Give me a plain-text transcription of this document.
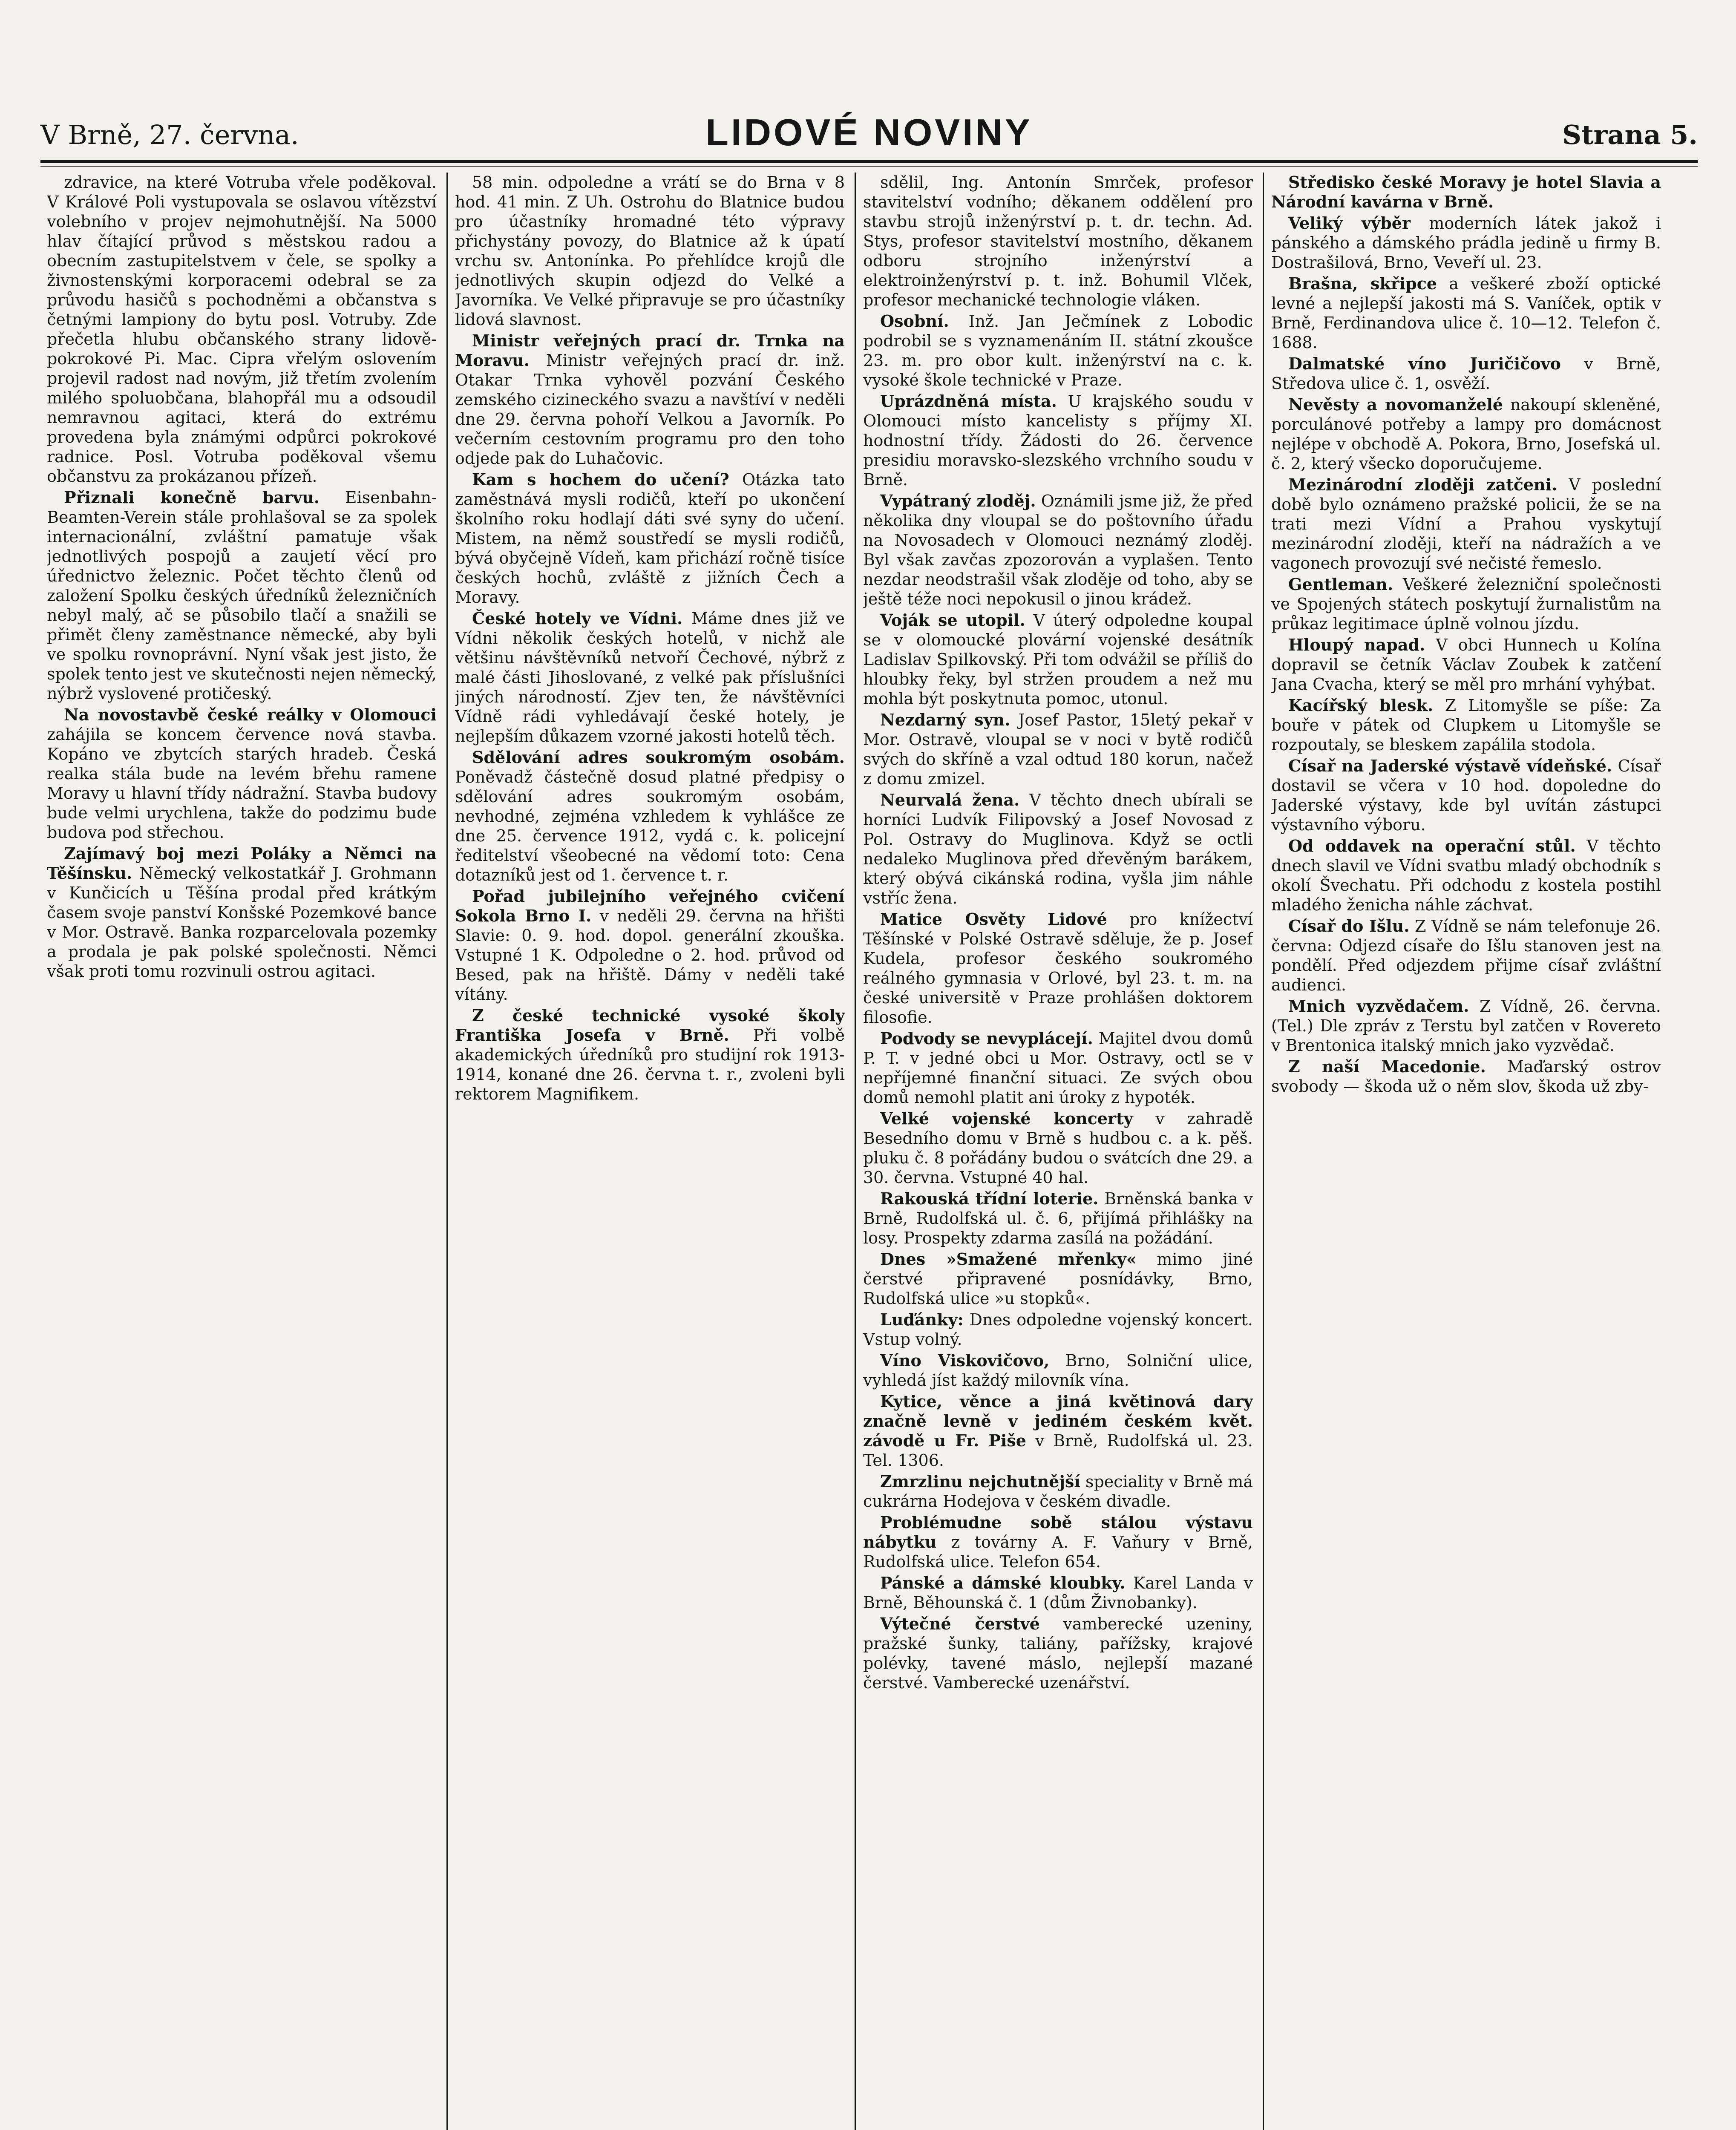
V Brně, 27. června.	LIDOVÉ NOVINY	Strana 5.

zdravice, na které Votruba vřele poděkoval. V Králové Poli vystupovala se oslavou vítězství volebního v projev nejmohutnější. Na 5000 hlav čítající průvod s městskou radou a obecním zastupitelstvem v čele, se spolky a živnostenskými korporacemi odebral se za průvodu hasičů s pochodněmi a občanstva s četnými lampiony do bytu posl. Votruby. Zde přečetla hlubu občanského strany lidově-pokrokové Pi. Mac. Cipra vřelým oslovením projevil radost nad novým, již třetím zvolením milého spoluobčana, blahopřál mu a odsoudil nemravnou agitaci, která do extrému provedena byla známými odpůrci pokrokové radnice. Posl. Votruba poděkoval všemu občanstvu za prokázanou přízeň.

Přiznali konečně barvu. Eisenbahn-Beamten-Verein stále prohlašoval se za spolek internacionální, zvláštní pamatuje však jednotlivých pospojů a zaujetí věcí pro úřednictvo železnic. Počet těchto členů od založení Spolku českých úředníků železničních nebyl malý, ač se působilo tlačí a snažili se přimět členy zaměstnance německé, aby byli ve spolku rovnoprávní. Nyní však jest jisto, že spolek tento jest ve skutečnosti nejen německý, nýbrž vyslovené protičeský.

Na novostavbě české reálky v Olomouci zahájila se koncem července nová stavba. Kopáno ve zbytcích starých hradeb. Česká realka stála bude na levém břehu ramene Moravy u hlavní třídy nádražní. Stavba budovy bude velmi urychlena, takže do podzimu bude budova pod střechou.

Zajímavý boj mezi Poláky a Němci na Těšínsku. Německý velkostatkář J. Grohmann v Kunčicích u Těšína prodal před krátkým časem svoje panství Konšské Pozemkové bance v Mor. Ostravě. Banka rozparcelovala pozemky a prodala je pak polské společnosti. Němci však proti tomu rozvinuli ostrou agitaci.

58 min. odpoledne a vrátí se do Brna v 8 hod. 41 min. Z Uh. Ostrohu do Blatnice budou pro účastníky hromadné této výpravy přichystány povozy, do Blatnice až k úpatí vrchu sv. Antonínka. Po přehlídce krojů dle jednotlivých skupin odjezd do Velké a Javorníka. Ve Velké připravuje se pro účastníky lidová slavnost.

Ministr veřejných prací dr. Trnka na Moravu. Ministr veřejných prací dr. inž. Otakar Trnka vyhověl pozvání Českého zemského cizineckého svazu a navštíví v neděli dne 29. června pohoří Velkou a Javorník. Po večerním cestovním programu pro den toho odjede pak do Luhačovic.

Kam s hochem do učení? Otázka tato zaměstnává mysli rodičů, kteří po ukončení školního roku hodlají dáti své syny do učení. Mistem, na němž soustředí se mysli rodičů, bývá obyčejně Vídeň, kam přichází ročně tisíce českých hochů, zvláště z jižních Čech a Moravy.

České hotely ve Vídni. Máme dnes již ve Vídni několik českých hotelů, v nichž ale většinu návštěvníků netvoří Čechové, nýbrž z malé části Jihoslované, z velké pak příslušníci jiných národností. Zjev ten, že návštěvníci Vídně rádi vyhledávají české hotely, je nejlepším důkazem vzorné jakosti hotelů těch.

Sdělování adres soukromým osobám. Poněvadž částečně dosud platné předpisy o sdělování adres soukromým osobám, nevhodné, zejména vzhledem k vyhlášce ze dne 25. července 1912, vydá c. k. policejní ředitelství všeobecné na vědomí toto: Cena dotazníků jest od 1. července t. r.

Pořad jubilejního veřejného cvičení Sokola Brno I. v neděli 29. června na hřišti Slavie: 0. 9. hod. dopol. generální zkouška. Vstupné 1 K. Odpoledne o 2. hod. průvod od Besed, pak na hřiště. Dámy v neděli také vítány.

Z české technické vysoké školy Františka Josefa v Brně. Při volbě akademických úředníků pro studijní rok 1913-1914, konané dne 26. června t. r., zvoleni byli rektorem Magnifikem.

sdělil, Ing. Antonín Smrček, profesor stavitelství vodního; děkanem oddělení pro stavbu strojů inženýrství p. t. dr. techn. Ad. Stys, profesor stavitelství mostního, děkanem odboru strojního inženýrství a elektroinženýrství p. t. inž. Bohumil Vlček, profesor mechanické technologie vláken.

Osobní. Inž. Jan Ječmínek z Lobodic podrobil se s vyznamenáním II. státní zkoušce 23. m. pro obor kult. inženýrství na c. k. vysoké škole technické v Praze.

Uprázdněná místa. U krajského soudu v Olomouci místo kancelisty s příjmy XI. hodnostní třídy. Žádosti do 26. července presidiu moravsko-slezského vrchního soudu v Brně.

Vypátraný zloděj. Oznámili jsme již, že před několika dny vloupal se do poštovního úřadu na Novosadech v Olomouci neznámý zloděj. Byl však zavčas zpozorován a vyplašen. Tento nezdar neodstrašil však zloděje od toho, aby se ještě téže noci nepokusil o jinou krádež.

Voják se utopil. V úterý odpoledne koupal se v olomoucké plovární vojenské desátník Ladislav Spilkovský. Při tom odvážil se příliš do hloubky řeky, byl stržen proudem a než mu mohla být poskytnuta pomoc, utonul.

Nezdarný syn. Josef Pastor, 15letý pekař v Mor. Ostravě, vloupal se v noci v bytě rodičů svých do skříně a vzal odtud 180 korun, načež z domu zmizel.

Neurvalá žena. V těchto dnech ubírali se horníci Ludvík Filipovský a Josef Novosad z Pol. Ostravy do Muglinova. Když se octli nedaleko Muglinova před dřevěným barákem, který obývá cikánská rodina, vyšla jim náhle vstříc žena.

Matice Osvěty Lidové pro knížectví Těšínské v Polské Ostravě sděluje, že p. Josef Kudela, profesor českého soukromého reálného gymnasia v Orlové, byl 23. t. m. na české universitě v Praze prohlášen doktorem filosofie.

Podvody se nevyplácejí. Majitel dvou domů P. T. v jedné obci u Mor. Ostravy, octl se v nepříjemné finanční situaci. Ze svých obou domů nemohl platit ani úroky z hypoték.

Velké vojenské koncerty v zahradě Besedního domu v Brně s hudbou c. a k. pěš. pluku č. 8 pořádány budou o svátcích dne 29. a 30. června. Vstupné 40 hal.

Rakouská třídní loterie. Brněnská banka v Brně, Rudolfská ul. č. 6, přijímá přihlášky na losy. Prospekty zdarma zasílá na požádání.

Dnes »Smažené mřenky« mimo jiné čerstvé připravené posnídávky, Brno, Rudolfská ulice »u stopků«.

Luďánky: Dnes odpoledne vojenský koncert. Vstup volný.

Víno Viskovičovo, Brno, Solniční ulice, vyhledá jíst každý milovník vína.

Kytice, věnce a jiná květinová dary značně levně v jediném českém květ. závodě u Fr. Piše v Brně, Rudolfská ul. 23. Tel. 1306.

Zmrzlinu nejchutnější speciality v Brně má cukrárna Hodejova v českém divadle.

Problémudne sobě stálou výstavu nábytku z továrny A. F. Vaňury v Brně, Rudolfská ulice. Telefon 654.

Pánské a dámské kloubky. Karel Landa v Brně, Běhounská č. 1 (dům Živnobanky).

Výtečné čerstvé vamberecké uzeniny, pražské šunky, taliány, pařížsky, krajové polévky, tavené máslo, nejlepší mazané čerstvé. Vamberecké uzenářství.

Středisko české Moravy je hotel Slavia a Národní kavárna v Brně.

Veliký výběr moderních látek jakož i pánského a dámského prádla jedině u firmy B. Dostrašilová, Brno, Veveří ul. 23.

Brašna, skřipce a veškeré zboží optické levné a nejlepší jakosti má S. Vaníček, optik v Brně, Ferdinandova ulice č. 10—12. Telefon č. 1688.

Dalmatské víno Juričičovo v Brně, Středova ulice č. 1, osvěží.

Nevěsty a novomanželé nakoupí skleněné, porculánové potřeby a lampy pro domácnost nejlépe v obchodě A. Pokora, Brno, Josefská ul. č. 2, který všecko doporučujeme.

Mezinárodní zloději zatčeni. V poslední době bylo oznámeno pražské policii, že se na trati mezi Vídní a Prahou vyskytují mezinárodní zloději, kteří na nádražích a ve vagonech provozují své nečisté řemeslo.

Gentleman. Veškeré železniční společnosti ve Spojených státech poskytují žurnalistům na průkaz legitimace úplně volnou jízdu.

Hloupý napad. V obci Hunnech u Kolína dopravil se četník Václav Zoubek k zatčení Jana Cvacha, který se měl pro mrhání vyhýbat.

Kacířský blesk. Z Litomyšle se píše: Za bouře v pátek od Clupkem u Litomyšle se rozpoutaly, se bleskem zapálila stodola.

Císař na Jaderské výstavě vídeňské. Císař dostavil se včera v 10 hod. dopoledne do Jaderské výstavy, kde byl uvítán zástupci výstavního výboru.

Od oddavek na operační stůl. V těchto dnech slavil ve Vídni svatbu mladý obchodník s okolí Švechatu. Při odchodu z kostela postihl mladého ženicha náhle záchvat.

Císař do Išlu. Z Vídně se nám telefonuje 26. června: Odjezd císaře do Išlu stanoven jest na pondělí. Před odjezdem přijme císař zvláštní audienci.

Mnich vyzvědačem. Z Vídně, 26. června. (Tel.) Dle zpráv z Terstu byl zatčen v Rovereto v Brentonica italský mnich jako vyzvědač.

Z naší Macedonie. Maďarský ostrov svobody — škoda už o něm slov, škoda už zby-
